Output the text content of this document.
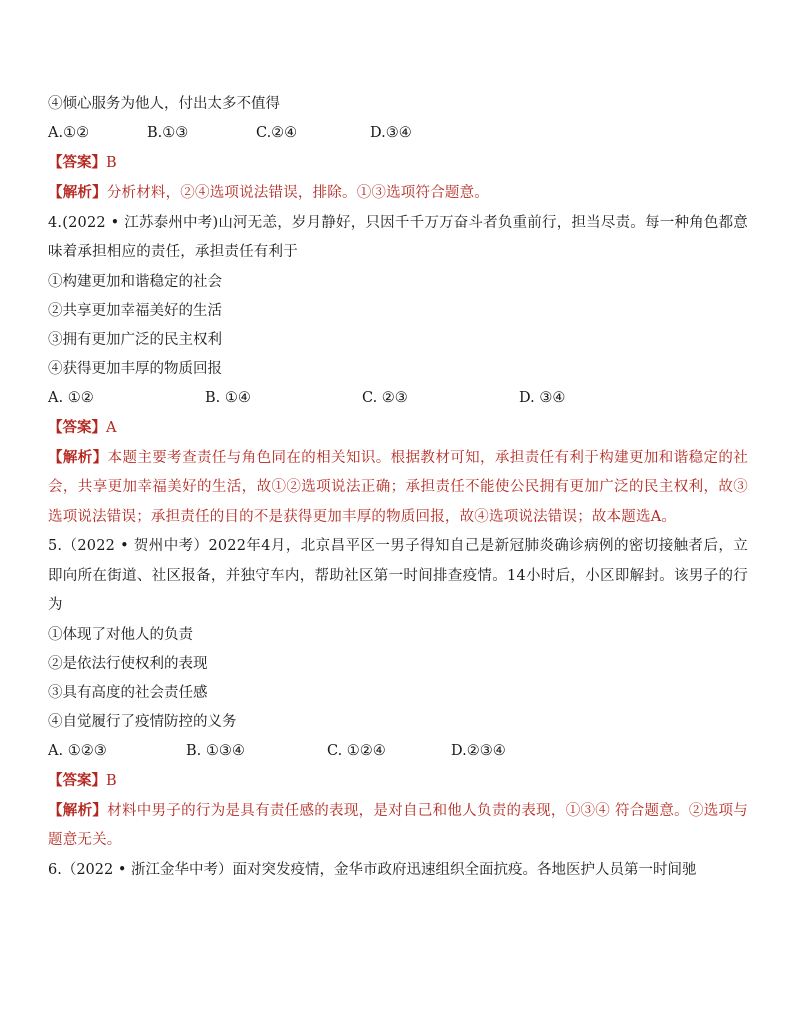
④倾心服务为他人，付出太多不值得
A.①②	B.①③	C.②④	D.③④
【答案】B
【解析】分析材料，②④选项说法错误，排除。①③选项符合题意。
4.(2022 • 江苏泰州中考)山河无恙，岁月静好，只因千千万万奋斗者负重前行，担当尽责。每一种角色都意味着承担相应的责任，承担责任有利于
①构建更加和谐稳定的社会
②共享更加幸福美好的生活
③拥有更加广泛的民主权利
④获得更加丰厚的物质回报
A. ①②	B. ①④	C. ②③	D. ③④
【答案】A
【解析】本题主要考查责任与角色同在的相关知识。根据教材可知，承担责任有利于构建更加和谐稳定的社会，共享更加幸福美好的生活，故①②选项说法正确；承担责任不能使公民拥有更加广泛的民主权利，故③选项说法错误；承担责任的目的不是获得更加丰厚的物质回报，故④选项说法错误；故本题选A。
5.（2022 • 贺州中考）2022年4月，北京昌平区一男子得知自己是新冠肺炎确诊病例的密切接触者后，立即向所在街道、社区报备，并独守车内，帮助社区第一时间排查疫情。14小时后，小区即解封。该男子的行为
①体现了对他人的负责
②是依法行使权利的表现
③具有高度的社会责任感
④自觉履行了疫情防控的义务
A. ①②③	B. ①③④	C. ①②④	D.②③④
【答案】B
【解析】材料中男子的行为是具有责任感的表现，是对自己和他人负责的表现，①③④ 符合题意。②选项与题意无关。
6.（2022 • 浙江金华中考）面对突发疫情，金华市政府迅速组织全面抗疫。各地医护人员第一时间驰
